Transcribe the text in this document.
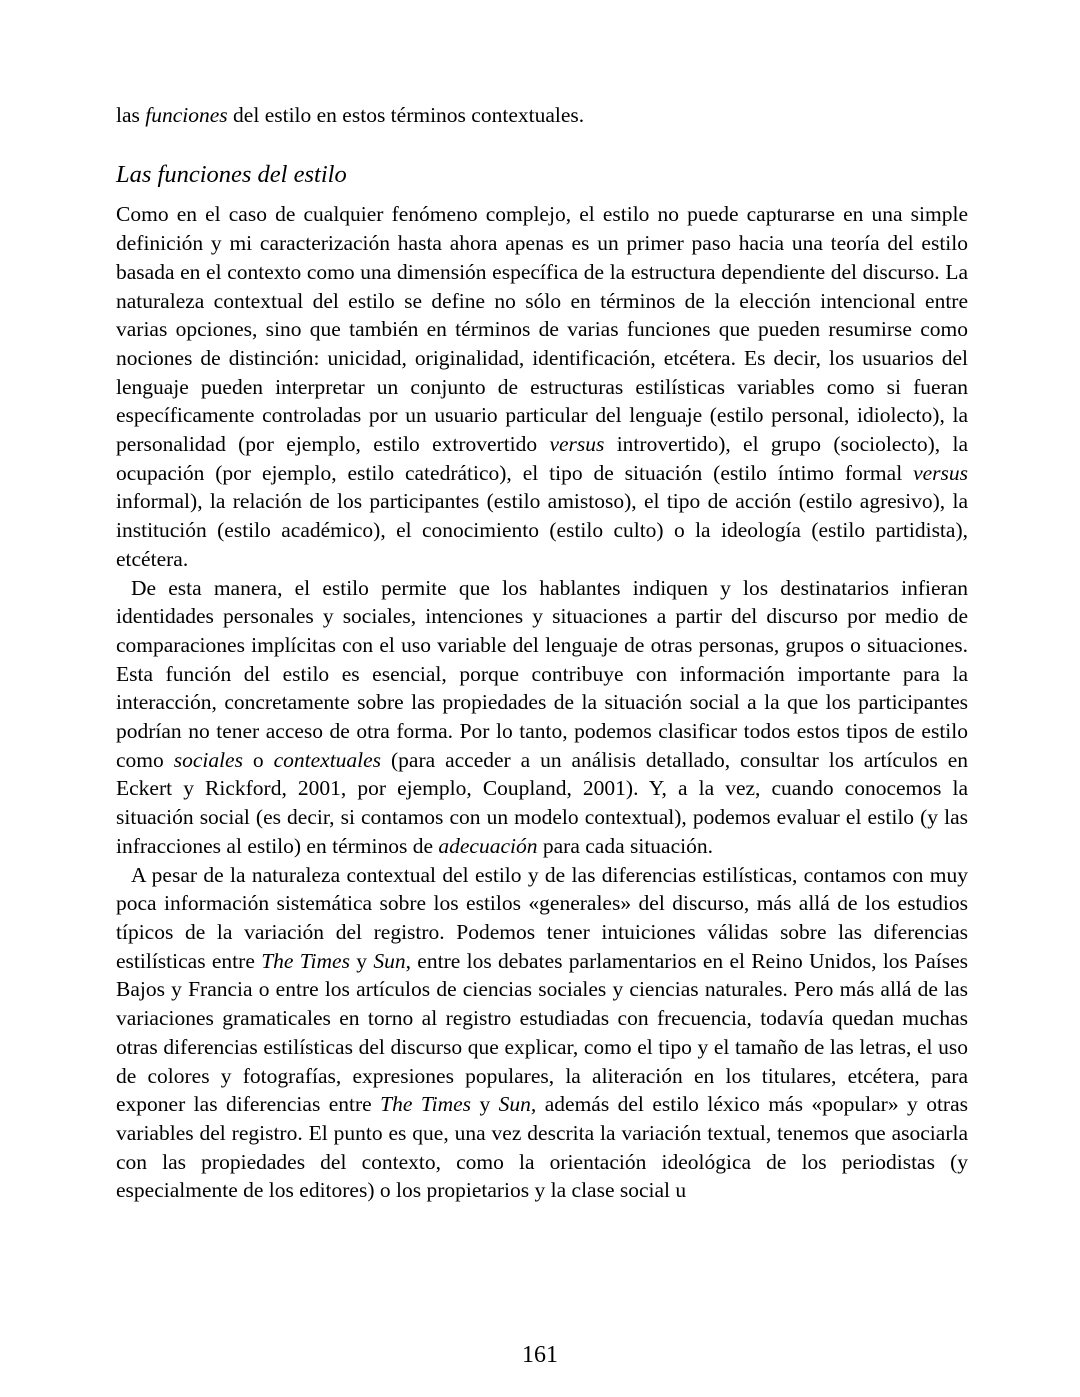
las funciones del estilo en estos términos contextuales.

Las funciones del estilo

Como en el caso de cualquier fenómeno complejo, el estilo no puede capturarse en una simple definición y mi caracterización hasta ahora apenas es un primer paso hacia una teoría del estilo basada en el contexto como una dimensión específica de la estructura dependiente del discurso. La naturaleza contextual del estilo se define no sólo en términos de la elección intencional entre varias opciones, sino que también en términos de varias funciones que pueden resumirse como nociones de distinción: unicidad, originalidad, identificación, etcétera. Es decir, los usuarios del lenguaje pueden interpretar un conjunto de estructuras estilísticas variables como si fueran específicamente controladas por un usuario particular del lenguaje (estilo personal, idiolecto), la personalidad (por ejemplo, estilo extrovertido versus introvertido), el grupo (sociolecto), la ocupación (por ejemplo, estilo catedrático), el tipo de situación (estilo íntimo formal versus informal), la relación de los participantes (estilo amistoso), el tipo de acción (estilo agresivo), la institución (estilo académico), el conocimiento (estilo culto) o la ideología (estilo partidista), etcétera.

De esta manera, el estilo permite que los hablantes indiquen y los destinatarios infieran identidades personales y sociales, intenciones y situaciones a partir del discurso por medio de comparaciones implícitas con el uso variable del lenguaje de otras personas, grupos o situaciones. Esta función del estilo es esencial, porque contribuye con información importante para la interacción, concretamente sobre las propiedades de la situación social a la que los participantes podrían no tener acceso de otra forma. Por lo tanto, podemos clasificar todos estos tipos de estilo como sociales o contextuales (para acceder a un análisis detallado, consultar los artículos en Eckert y Rickford, 2001, por ejemplo, Coupland, 2001). Y, a la vez, cuando conocemos la situación social (es decir, si contamos con un modelo contextual), podemos evaluar el estilo (y las infracciones al estilo) en términos de adecuación para cada situación.

A pesar de la naturaleza contextual del estilo y de las diferencias estilísticas, contamos con muy poca información sistemática sobre los estilos «generales» del discurso, más allá de los estudios típicos de la variación del registro. Podemos tener intuiciones válidas sobre las diferencias estilísticas entre The Times y Sun, entre los debates parlamentarios en el Reino Unidos, los Países Bajos y Francia o entre los artículos de ciencias sociales y ciencias naturales. Pero más allá de las variaciones gramaticales en torno al registro estudiadas con frecuencia, todavía quedan muchas otras diferencias estilísticas del discurso que explicar, como el tipo y el tamaño de las letras, el uso de colores y fotografías, expresiones populares, la aliteración en los titulares, etcétera, para exponer las diferencias entre The Times y Sun, además del estilo léxico más «popular» y otras variables del registro. El punto es que, una vez descrita la variación textual, tenemos que asociarla con las propiedades del contexto, como la orientación ideológica de los periodistas (y especialmente de los editores) o los propietarios y la clase social u

161
